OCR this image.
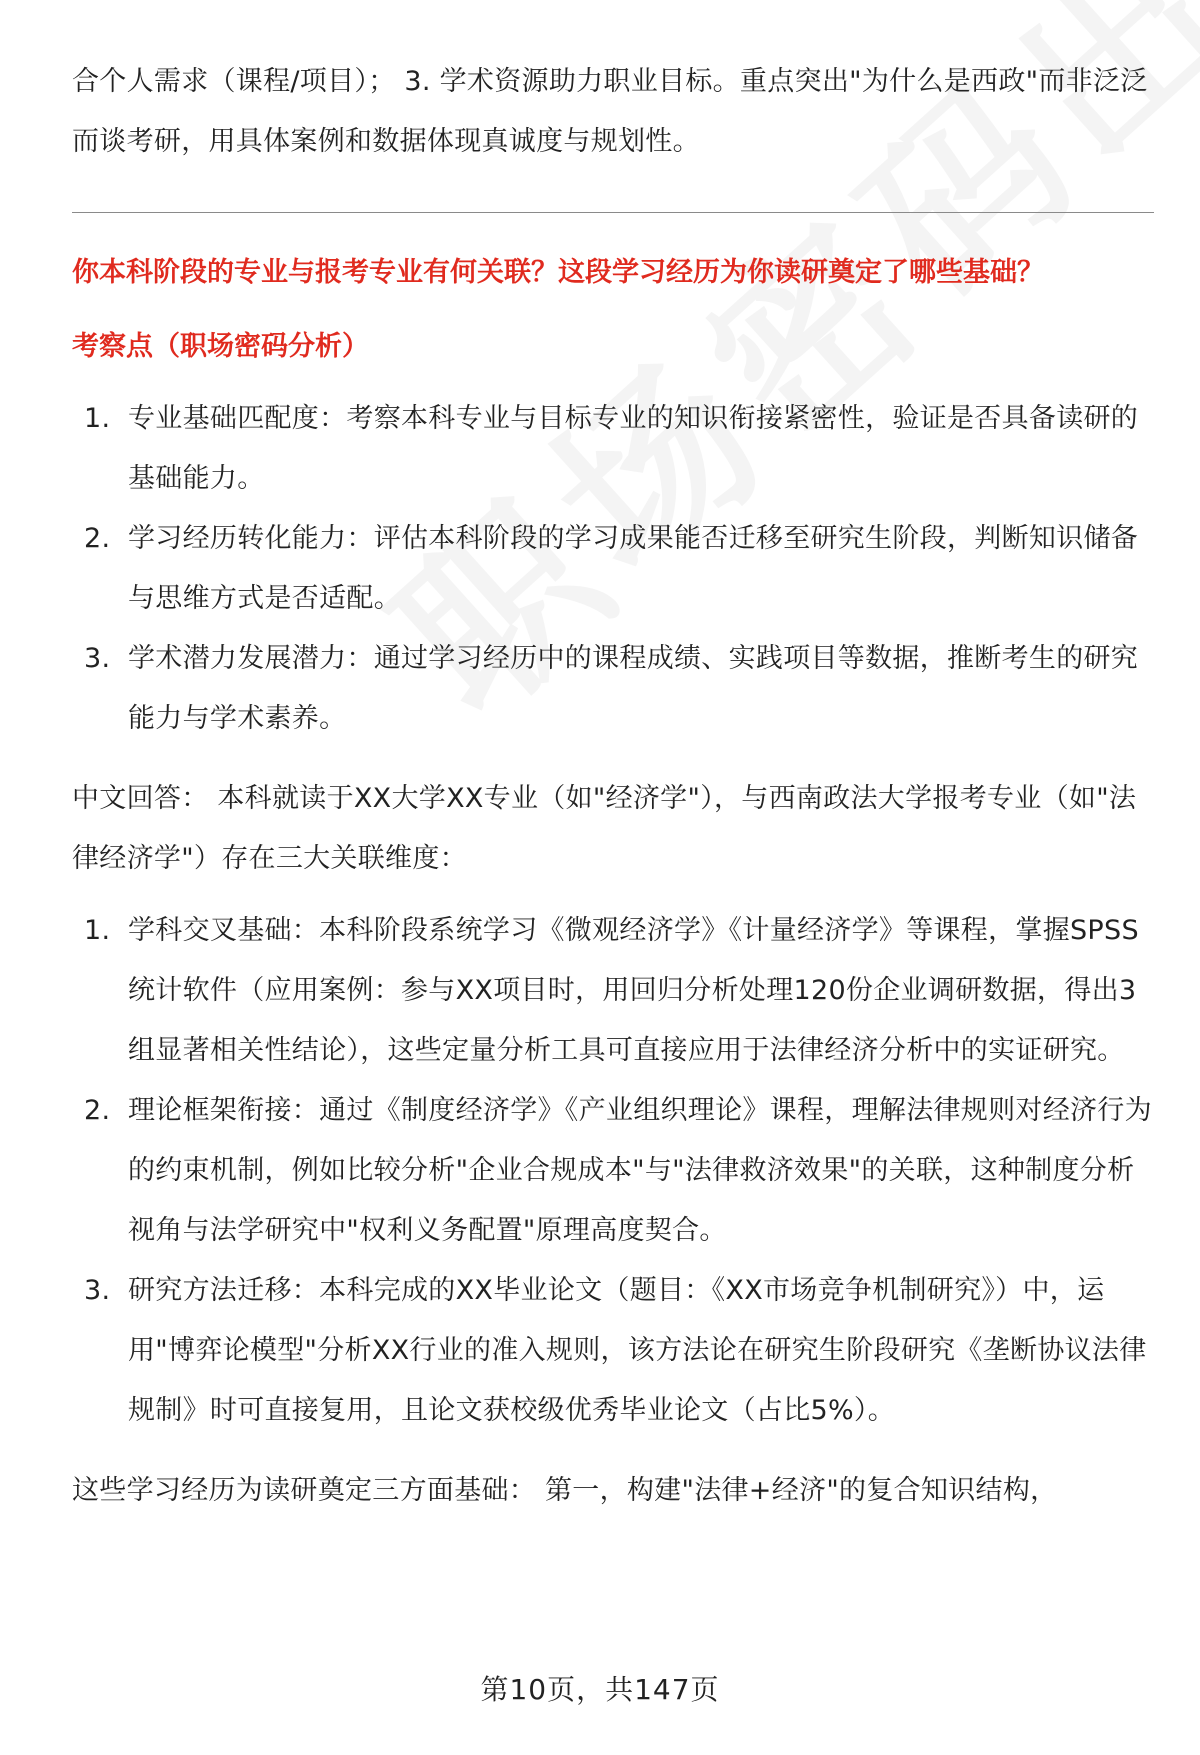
合个人需求（课程/项目）； 3. 学术资源助力职业目标。重点突出"为什么是西政"而非泛泛而谈考研，用具体案例和数据体现真诚度与规划性。

你本科阶段的专业与报考专业有何关联？这段学习经历为你读研奠定了哪些基础？

考察点（职场密码分析）

1. 专业基础匹配度：考察本科专业与目标专业的知识衔接紧密性，验证是否具备读研的基础能力。
2. 学习经历转化能力：评估本科阶段的学习成果能否迁移至研究生阶段，判断知识储备与思维方式是否适配。
3. 学术潜力发展潜力：通过学习经历中的课程成绩、实践项目等数据，推断考生的研究能力与学术素养。

中文回答： 本科就读于XX大学XX专业（如"经济学"），与西南政法大学报考专业（如"法律经济学"）存在三大关联维度：

1. 学科交叉基础：本科阶段系统学习《微观经济学》《计量经济学》等课程，掌握SPSS统计软件（应用案例：参与XX项目时，用回归分析处理120份企业调研数据，得出3组显著相关性结论），这些定量分析工具可直接应用于法律经济分析中的实证研究。
2. 理论框架衔接：通过《制度经济学》《产业组织理论》课程，理解法律规则对经济行为的约束机制，例如比较分析"企业合规成本"与"法律救济效果"的关联，这种制度分析视角与法学研究中"权利义务配置"原理高度契合。
3. 研究方法迁移：本科完成的XX毕业论文（题目：《XX市场竞争机制研究》）中，运用"博弈论模型"分析XX行业的准入规则，该方法论在研究生阶段研究《垄断协议法律规制》时可直接复用，且论文获校级优秀毕业论文（占比5%）。

这些学习经历为读研奠定三方面基础： 第一，构建"法律+经济"的复合知识结构，

第10页，共147页
